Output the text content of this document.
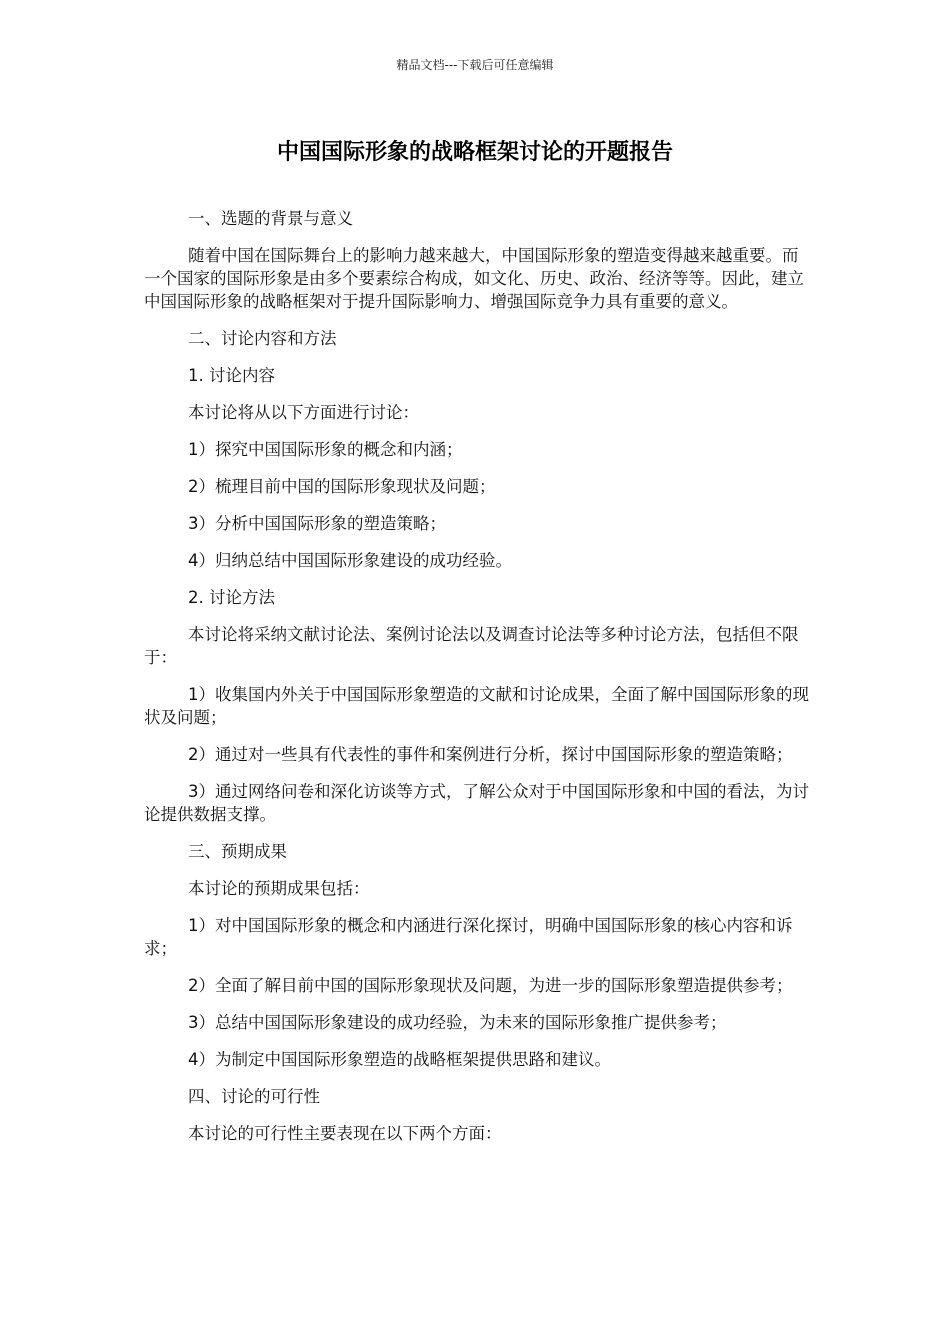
精品文档---下载后可任意编辑
中国国际形象的战略框架讨论的开题报告

一、选题的背景与意义

随着中国在国际舞台上的影响力越来越大，中国国际形象的塑造变得越来越重要。而一个国家的国际形象是由多个要素综合构成，如文化、历史、政治、经济等等。因此，建立中国国际形象的战略框架对于提升国际影响力、增强国际竞争力具有重要的意义。

二、讨论内容和方法

1. 讨论内容

本讨论将从以下方面进行讨论：

1）探究中国国际形象的概念和内涵；

2）梳理目前中国的国际形象现状及问题；

3）分析中国国际形象的塑造策略；

4）归纳总结中国国际形象建设的成功经验。

2. 讨论方法

本讨论将采纳文献讨论法、案例讨论法以及调查讨论法等多种讨论方法，包括但不限于：

1）收集国内外关于中国国际形象塑造的文献和讨论成果，全面了解中国国际形象的现状及问题；

2）通过对一些具有代表性的事件和案例进行分析，探讨中国国际形象的塑造策略；

3）通过网络问卷和深化访谈等方式，了解公众对于中国国际形象和中国的看法，为讨论提供数据支撑。

三、预期成果

本讨论的预期成果包括：

1）对中国国际形象的概念和内涵进行深化探讨，明确中国国际形象的核心内容和诉求；

2）全面了解目前中国的国际形象现状及问题，为进一步的国际形象塑造提供参考；

3）总结中国国际形象建设的成功经验，为未来的国际形象推广提供参考；

4）为制定中国国际形象塑造的战略框架提供思路和建议。

四、讨论的可行性

本讨论的可行性主要表现在以下两个方面：
